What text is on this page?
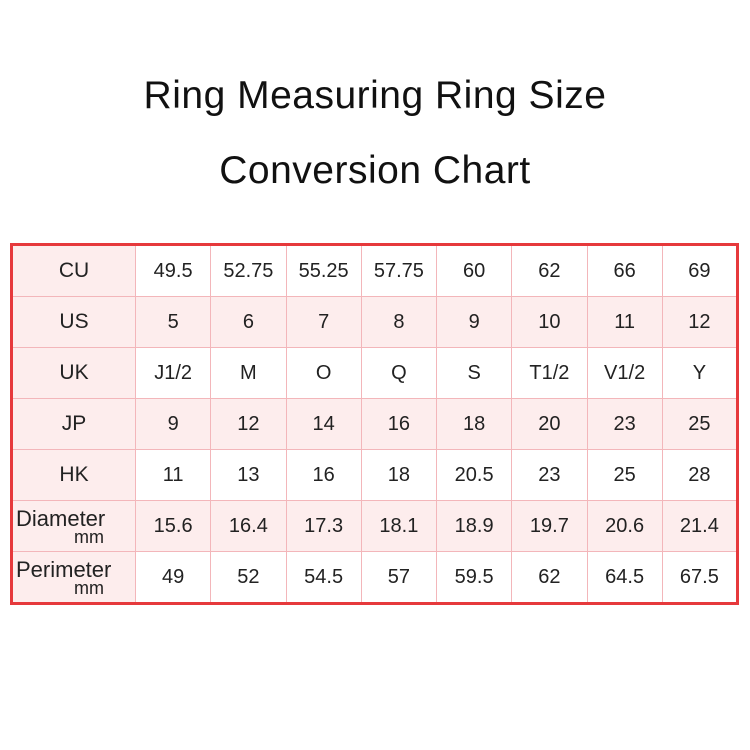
Ring Measuring Ring Size
Conversion Chart
CU	49.5	52.75	55.25	57.75	60	62	66	69

US	5	6	7	8	9	10	11	12

UK	J1/2	M	O	Q	S	T1/2	V1/2	Y

JP	9	12	14	16	18	20	23	25

HK	11	13	16	18	20.5	23	25	28

Diameter
mm	15.6	16.4	17.3	18.1	18.9	19.7	20.6	21.4

Perimeter
mm	49	52	54.5	57	59.5	62	64.5	67.5
